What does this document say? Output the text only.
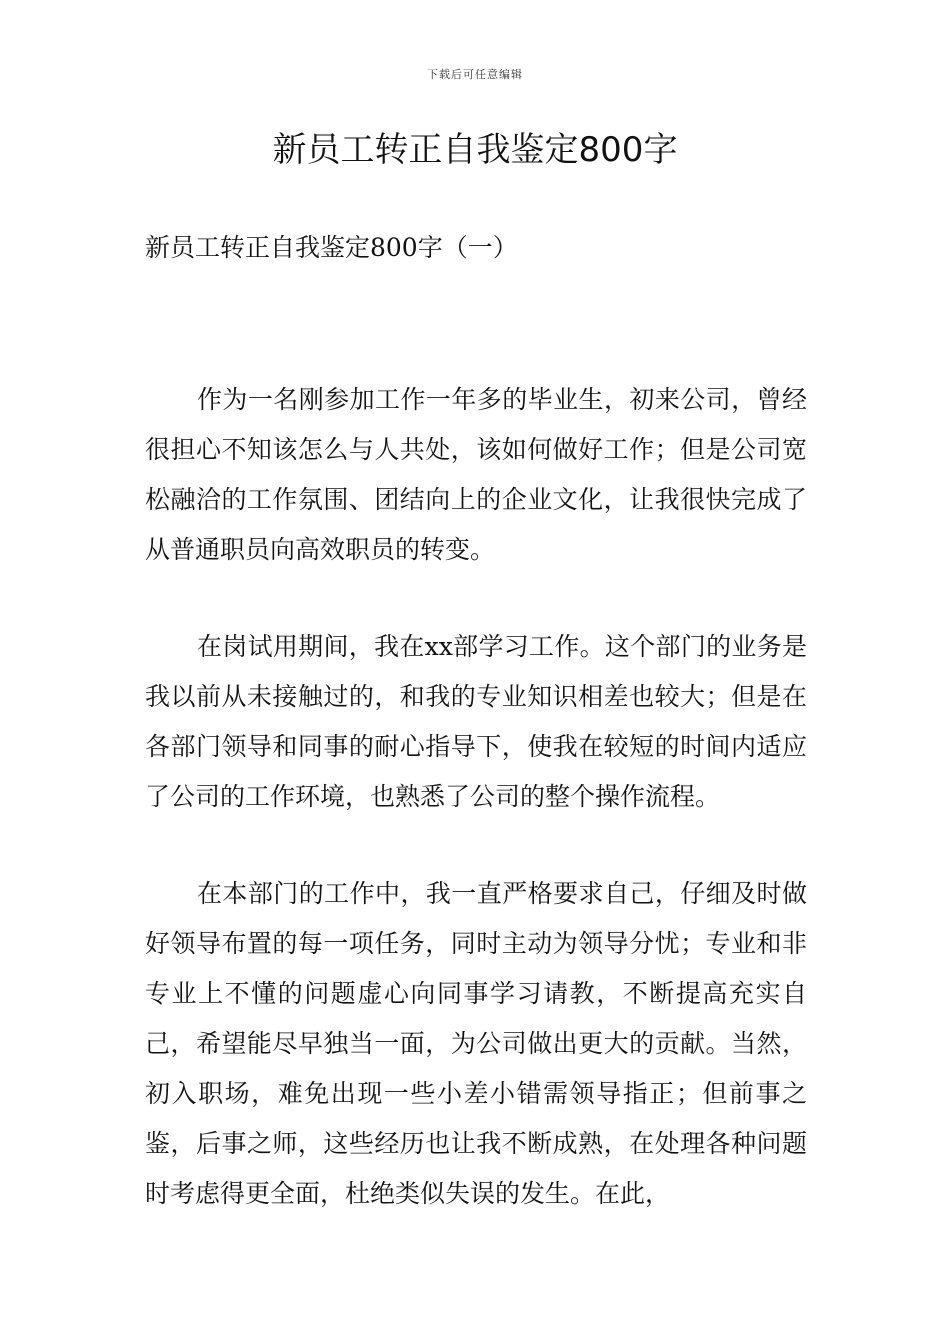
下载后可任意编辑
新员工转正自我鉴定800字
新员工转正自我鉴定800字（一）

作为一名刚参加工作一年多的毕业生，初来公司，曾经很担心不知该怎么与人共处，该如何做好工作；但是公司宽松融洽的工作氛围、团结向上的企业文化，让我很快完成了从普通职员向高效职员的转变。

在岗试用期间，我在xx部学习工作。这个部门的业务是我以前从未接触过的，和我的专业知识相差也较大；但是在各部门领导和同事的耐心指导下，使我在较短的时间内适应了公司的工作环境，也熟悉了公司的整个操作流程。

在本部门的工作中，我一直严格要求自己，仔细及时做好领导布置的每一项任务，同时主动为领导分忧；专业和非专业上不懂的问题虚心向同事学习请教，不断提高充实自己，希望能尽早独当一面，为公司做出更大的贡献。当然，初入职场，难免出现一些小差小错需领导指正；但前事之鉴，后事之师，这些经历也让我不断成熟，在处理各种问题时考虑得更全面，杜绝类似失误的发生。在此，
